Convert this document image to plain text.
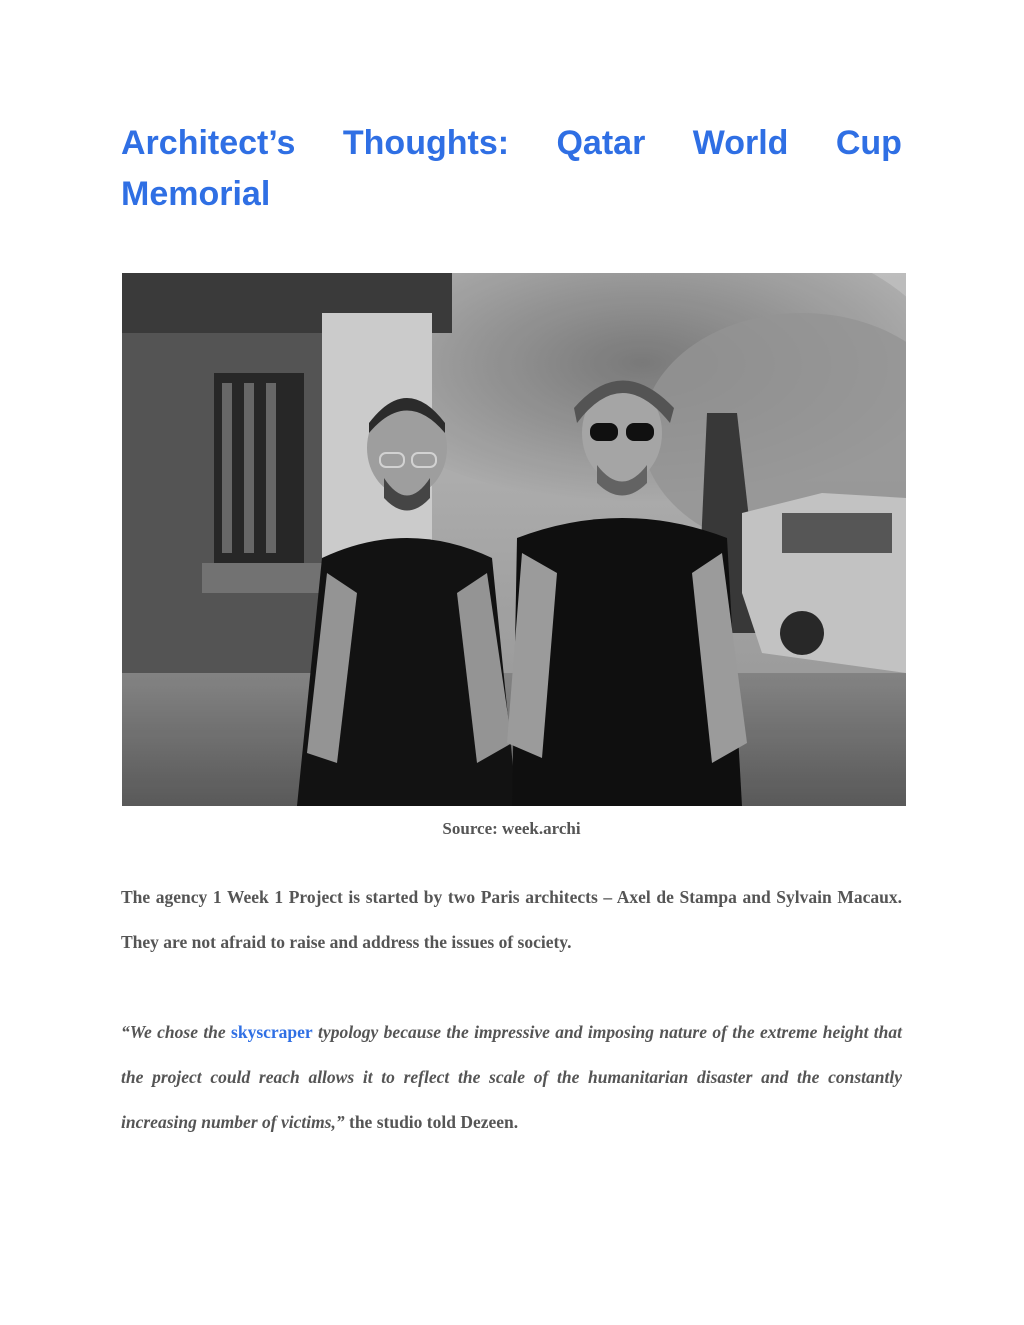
Architect’s Thoughts: Qatar World Cup
Memorial
Source: week.archi

The agency 1 Week 1 Project is started by two Paris architects – Axel de Stampa and Sylvain Macaux. They are not afraid to raise and address the issues of society.

“We chose the skyscraper typology because the impressive and imposing nature of the extreme height that the project could reach allows it to reflect the scale of the humanitarian disaster and the constantly increasing number of victims,” the studio told Dezeen.
